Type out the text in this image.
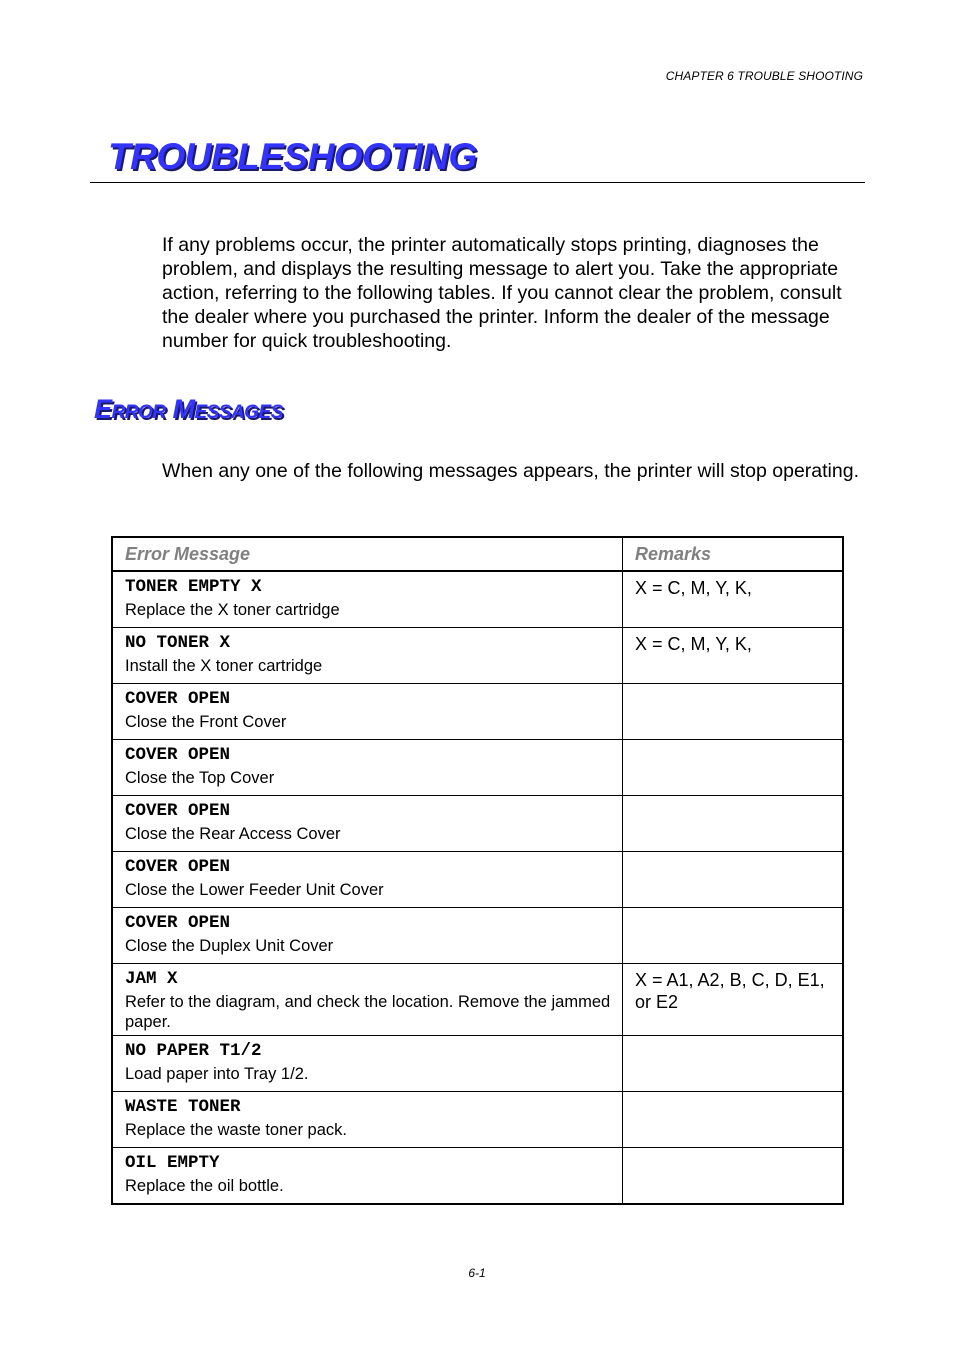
CHAPTER 6 TROUBLE SHOOTING
TROUBLESHOOTING

If any problems occur, the printer automatically stops printing, diagnoses the problem, and displays the resulting message to alert you. Take the appropriate action, referring to the following tables. If you cannot clear the problem, consult the dealer where you purchased the printer. Inform the dealer of the message number for quick troubleshooting.

Error Messages

When any one of the following messages appears, the printer will stop operating.

Error Message	Remarks

TONER EMPTY X
Replace the X toner cartridge	X = C, M, Y, K,

NO TONER X
Install the X toner cartridge	X = C, M, Y, K,

COVER OPEN
Close the Front Cover	

COVER OPEN
Close the Top Cover	

COVER OPEN
Close the Rear Access Cover	

COVER OPEN
Close the Lower Feeder Unit Cover	

COVER OPEN
Close the Duplex Unit Cover	

JAM X
Refer to the diagram, and check the location. Remove the jammed paper.	X = A1, A2, B, C, D, E1, or E2

NO PAPER T1/2
Load paper into Tray 1/2.	

WASTE TONER
Replace the waste toner pack.	

OIL EMPTY
Replace the oil bottle.	

6-1
